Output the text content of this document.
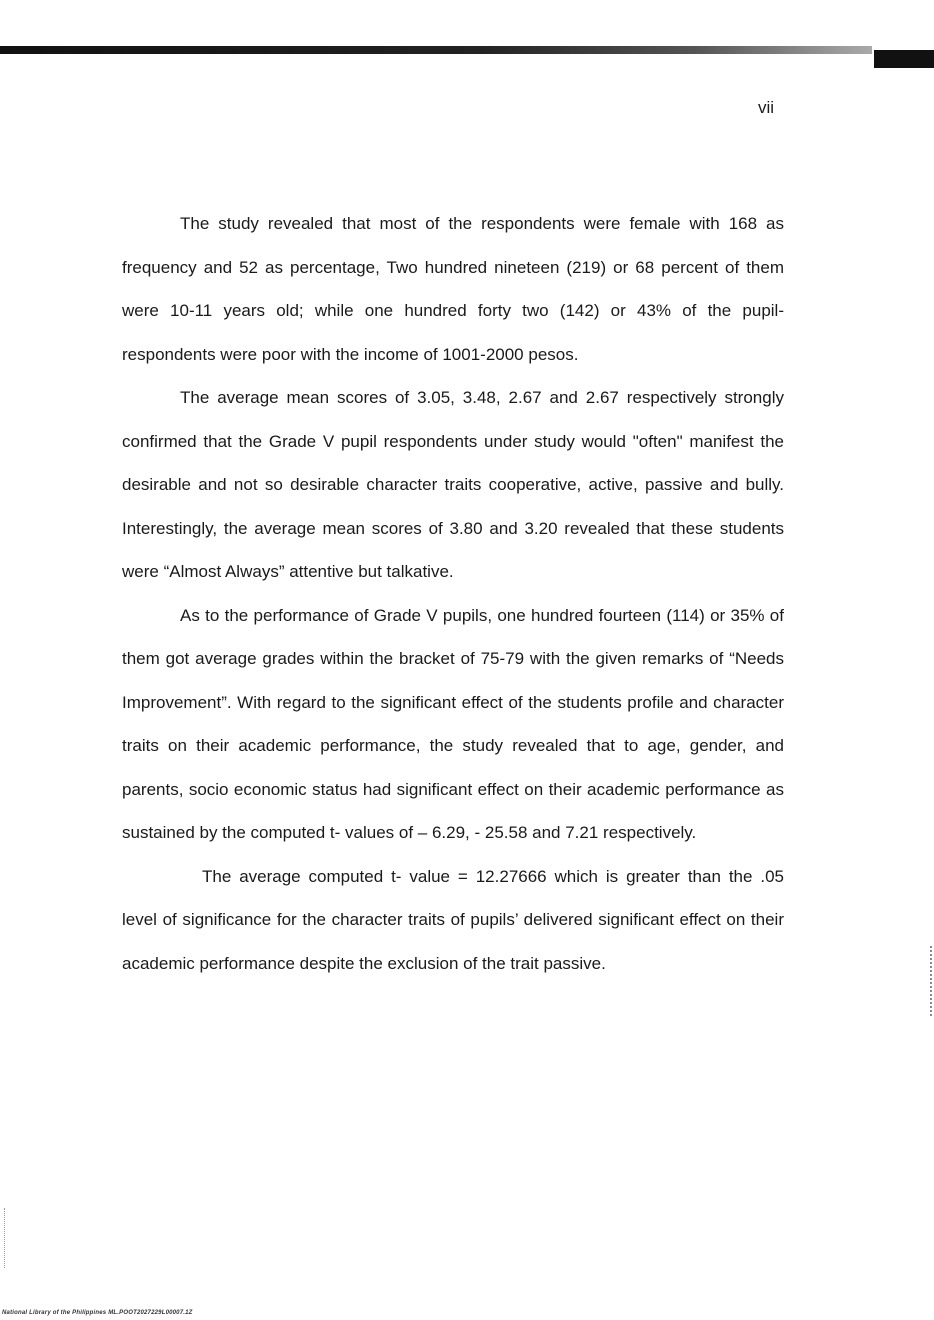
vii

The study revealed that most of the respondents were female with 168 as frequency and 52 as percentage, Two hundred nineteen (219) or 68 percent of them were 10-11 years old; while one hundred forty two (142) or 43% of the pupil-respondents were poor with the income of 1001-2000 pesos.

The average mean scores of 3.05, 3.48, 2.67 and 2.67 respectively strongly confirmed that the Grade V pupil respondents under study would "often" manifest the desirable and not so desirable character traits cooperative, active, passive and bully. Interestingly, the average mean scores of 3.80 and 3.20 revealed that these students were “Almost Always” attentive but talkative.

As to the performance of Grade V pupils, one hundred fourteen (114) or 35% of them got average grades within the bracket of 75-79 with the given remarks of “Needs Improvement”. With regard to the significant effect of the students profile and character traits on their academic performance, the study revealed that to age, gender, and parents, socio economic status had significant effect on their academic performance as sustained by the computed t- values of – 6.29, - 25.58 and 7.21 respectively.

The average computed t- value = 12.27666 which is greater than the .05 level of significance for the character traits of pupils’ delivered significant effect on their academic performance despite the exclusion of the trait passive.

National Library of the Philippines ML.POOT2027229L00007.1Z
